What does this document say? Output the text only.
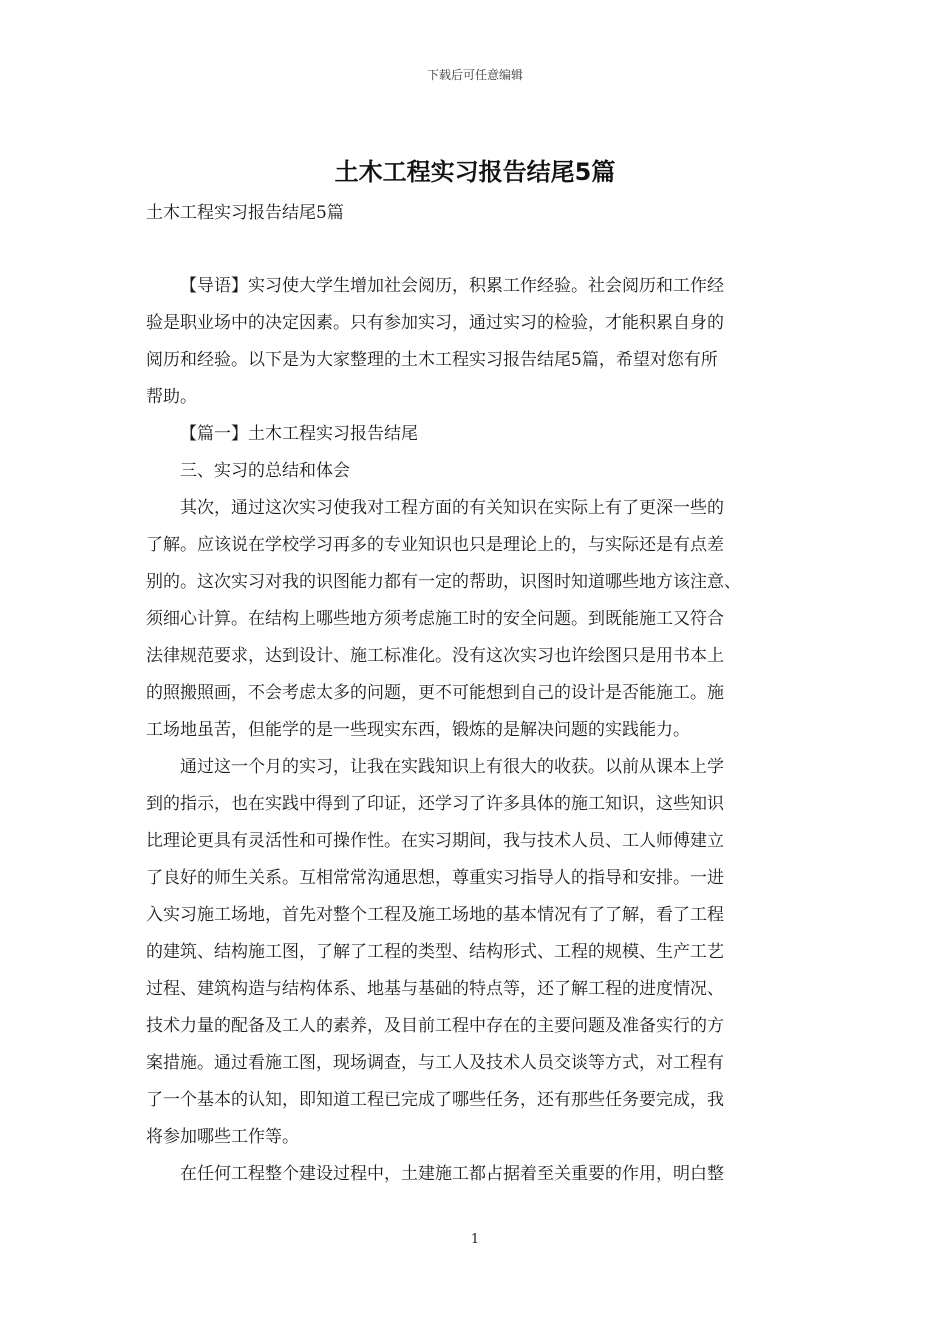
下载后可任意编辑
土木工程实习报告结尾5篇
土木工程实习报告结尾5篇

【导语】实习使大学生增加社会阅历，积累工作经验。社会阅历和工作经
验是职业场中的决定因素。只有参加实习，通过实习的检验，才能积累自身的
阅历和经验。以下是为大家整理的土木工程实习报告结尾5篇，希望对您有所
帮助。

【篇一】土木工程实习报告结尾

三、实习的总结和体会

其次，通过这次实习使我对工程方面的有关知识在实际上有了更深一些的
了解。应该说在学校学习再多的专业知识也只是理论上的，与实际还是有点差
别的。这次实习对我的识图能力都有一定的帮助，识图时知道哪些地方该注意、
须细心计算。在结构上哪些地方须考虑施工时的安全问题。到既能施工又符合
法律规范要求，达到设计、施工标准化。没有这次实习也许绘图只是用书本上
的照搬照画，不会考虑太多的问题，更不可能想到自己的设计是否能施工。施
工场地虽苦，但能学的是一些现实东西，锻炼的是解决问题的实践能力。

通过这一个月的实习，让我在实践知识上有很大的收获。以前从课本上学
到的指示，也在实践中得到了印证，还学习了许多具体的施工知识，这些知识
比理论更具有灵活性和可操作性。在实习期间，我与技术人员、工人师傅建立
了良好的师生关系。互相常常沟通思想，尊重实习指导人的指导和安排。一进
入实习施工场地，首先对整个工程及施工场地的基本情况有了了解，看了工程
的建筑、结构施工图，了解了工程的类型、结构形式、工程的规模、生产工艺
过程、建筑构造与结构体系、地基与基础的特点等，还了解工程的进度情况、
技术力量的配备及工人的素养，及目前工程中存在的主要问题及准备实行的方
案措施。通过看施工图，现场调查，与工人及技术人员交谈等方式，对工程有
了一个基本的认知，即知道工程已完成了哪些任务，还有那些任务要完成，我
将参加哪些工作等。

在任何工程整个建设过程中，土建施工都占据着至关重要的作用，明白整

1
